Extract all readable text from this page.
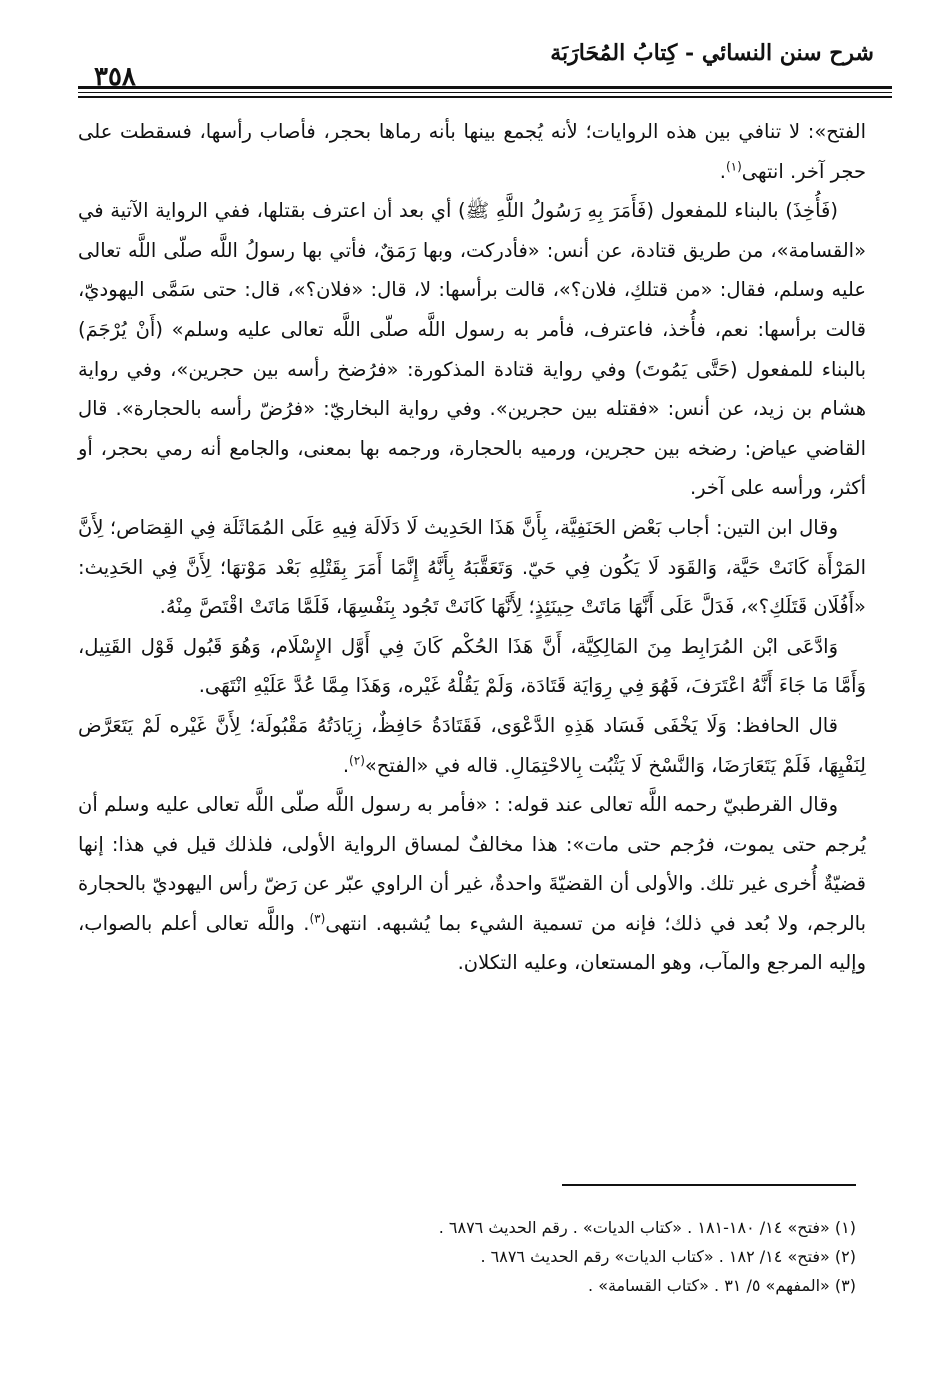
شرح سنن النسائي - كِتابُ المُحَارَبَة
٣٥٨

الفتح»: لا تنافي بين هذه الروايات؛ لأنه يُجمع بينها بأنه رماها بحجر، فأصاب رأسها، فسقطت على حجر آخر. انتهى$^{(١)}$.

(فَأُخِذَ) بالبناء للمفعول (فَأَمَرَ بِهِ رَسُولُ اللَّهِ ﷺ) أي بعد أن اعترف بقتلها، ففي الرواية الآتية في «القسامة»، من طريق قتادة، عن أنس: «فأدركت، وبها رَمَقٌ، فأتي بها رسولُ اللَّه صلّى اللَّه تعالى عليه وسلم، فقال: «من قتلكِ، فلان؟»، قالت برأسها: لا، قال: «فلان؟»، قال: حتى سَمَّى اليهوديّ، قالت برأسها: نعم، فأُخذ، فاعترف، فأمر به رسول اللَّه صلّى اللَّه تعالى عليه وسلم» (أَنْ يُرْجَمَ) بالبناء للمفعول (حَتَّى يَمُوتَ) وفي رواية قتادة المذكورة: «فرُضخ رأسه بين حجرين»، وفي رواية هشام بن زيد، عن أنس: «فقتله بين حجرين». وفي رواية البخاريّ: «فرُضّ رأسه بالحجارة». قال القاضي عياض: رضخه بين حجرين، ورميه بالحجارة، ورجمه بها بمعنى، والجامع أنه رمي بحجر، أو أكثر، ورأسه على آخر.

وقال ابن التين: أجاب بَعْض الحَنَفِيَّة، بِأَنَّ هَذَا الحَدِيث لَا دَلَالَة فِيهِ عَلَى المُمَاثَلَة فِي القِصَاص؛ لِأَنَّ المَرْأَة كَانَتْ حَيَّة، وَالقَوَد لَا يَكُون فِي حَيّ. وَتَعَقَّبَهُ بِأَنَّهُ إِنَّمَا أَمَرَ بِقَتْلِهِ بَعْد مَوْتهَا؛ لِأَنَّ فِي الحَدِيث: «أَفُلَان قَتَلَكِ؟»، فَدَلَّ عَلَى أَنَّهَا مَاتَتْ حِينَئِذٍ؛ لِأَنَّهَا كَانَتْ تَجُود بِنَفْسِهَا، فَلَمَّا مَاتَتْ اقْتَصَّ مِنْهُ.

وَادَّعَى ابْن المُرَابِط مِنَ المَالِكِيَّة، أَنَّ هَذَا الحُكْم كَانَ فِي أَوَّل الإِسْلَام، وَهُوَ قَبُول قَوْل القَتِيل، وَأَمَّا مَا جَاءَ أَنَّهُ اعْتَرَفَ، فَهُوَ فِي رِوَايَة قَتَادَة، وَلَمْ يَقُلْهُ غَيْره، وَهَذَا مِمَّا عُدَّ عَلَيْهِ انْتَهَى.

قال الحافظ: وَلَا يَخْفَى فَسَاد هَذِهِ الدَّعْوَى، فَقَتَادَةُ حَافِظٌ، زِيَادَتُهُ مَقْبُولَة؛ لِأَنَّ غَيْره لَمْ يَتَعَرَّض لِنَفْيِهَا، فَلَمْ يَتَعَارَضَا، وَالنَّسْخ لَا يَثْبُت بِالاحْتِمَالِ. قاله في «الفتح»$^{(٢)}$.

وقال القرطبيّ رحمه اللَّه تعالى عند قوله: : «فأمر به رسول اللَّه صلّى اللَّه تعالى عليه وسلم أن يُرجم حتى يموت، فرُجم حتى مات»: هذا مخالفٌ لمساق الرواية الأولى، فلذلك قيل في هذا: إنها قضيّةٌ أُخرى غير تلك. والأولى أن القضيّةَ واحدةٌ، غير أن الراوي عبّر عن رَضّ رأس اليهوديّ بالحجارة بالرجم، ولا بُعد في ذلك؛ فإنه من تسمية الشيء بما يُشبهه. انتهى$^{(٣)}$. واللَّه تعالى أعلم بالصواب، وإليه المرجع والمآب، وهو المستعان، وعليه التكلان.

(١) «فتح» ١٤/ ١٨٠-١٨١ . «كتاب الديات» . رقم الحديث ٦٨٧٦ .
(٢) «فتح» ١٤/ ١٨٢ . «كتاب الديات» رقم الحديث ٦٨٧٦ .
(٣) «المفهم» ٥/ ٣١ . «كتاب القسامة» .
